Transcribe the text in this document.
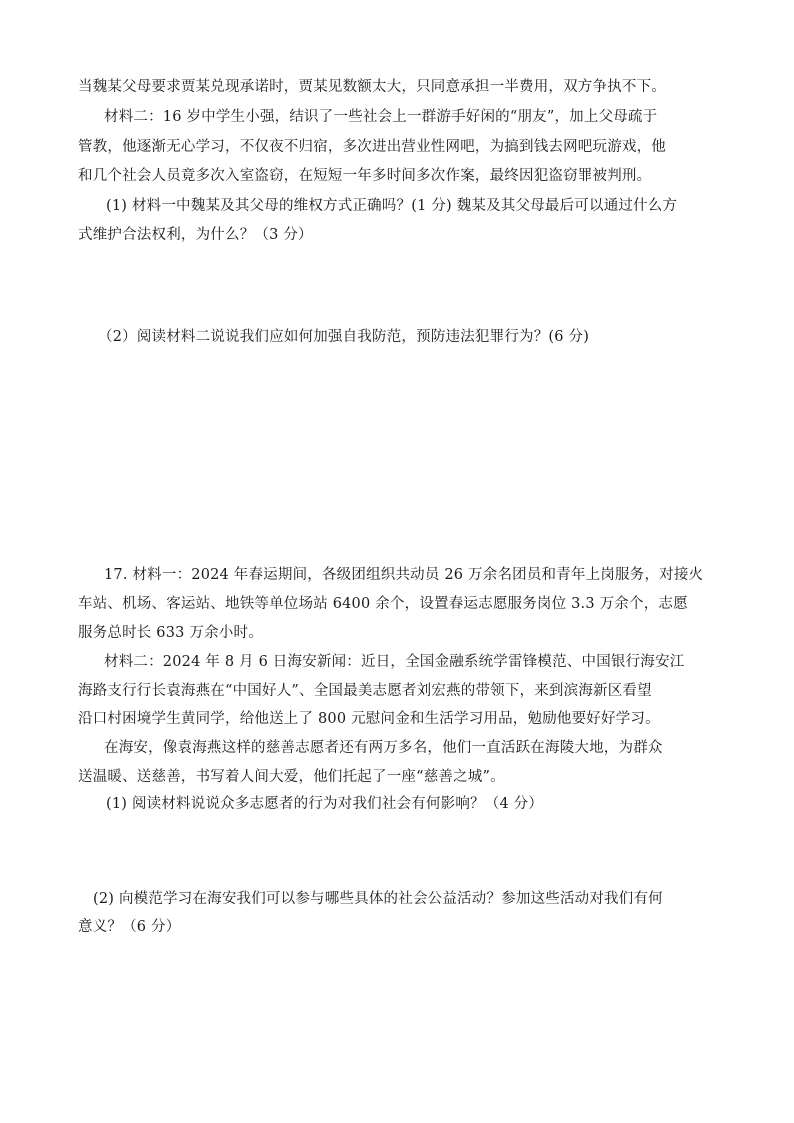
当魏某父母要求贾某兑现承诺时，贾某见数额太大，只同意承担一半费用，双方争执不下。
材料二：16 岁中学生小强，结识了一些社会上一群游手好闲的“朋友”，加上父母疏于
管教，他逐渐无心学习，不仅夜不归宿，多次进出营业性网吧，为搞到钱去网吧玩游戏，他
和几个社会人员竟多次入室盗窃，在短短一年多时间多次作案，最终因犯盗窃罪被判刑。
(1) 材料一中魏某及其父母的维权方式正确吗？(1 分) 魏某及其父母最后可以通过什么方
式维护合法权利，为什么？（3 分）
（2）阅读材料二说说我们应如何加强自我防范，预防违法犯罪行为？(6 分)
17. 材料一：2024 年春运期间，各级团组织共动员 26 万余名团员和青年上岗服务，对接火
车站、机场、客运站、地铁等单位场站 6400 余个，设置春运志愿服务岗位 3.3 万余个，志愿
服务总时长 633 万余小时。
材料二：2024 年 8 月 6 日海安新闻：近日，全国金融系统学雷锋模范、中国银行海安江
海路支行行长袁海燕在“中国好人”、全国最美志愿者刘宏燕的带领下，来到滨海新区看望
沿口村困境学生黄同学，给他送上了 800 元慰问金和生活学习用品，勉励他要好好学习。
在海安，像袁海燕这样的慈善志愿者还有两万多名，他们一直活跃在海陵大地，为群众
送温暖、送慈善，书写着人间大爱，他们托起了一座“慈善之城”。
(1) 阅读材料说说众多志愿者的行为对我们社会有何影响？（4 分）
(2) 向模范学习在海安我们可以参与哪些具体的社会公益活动？参加这些活动对我们有何
意义？（6 分）
